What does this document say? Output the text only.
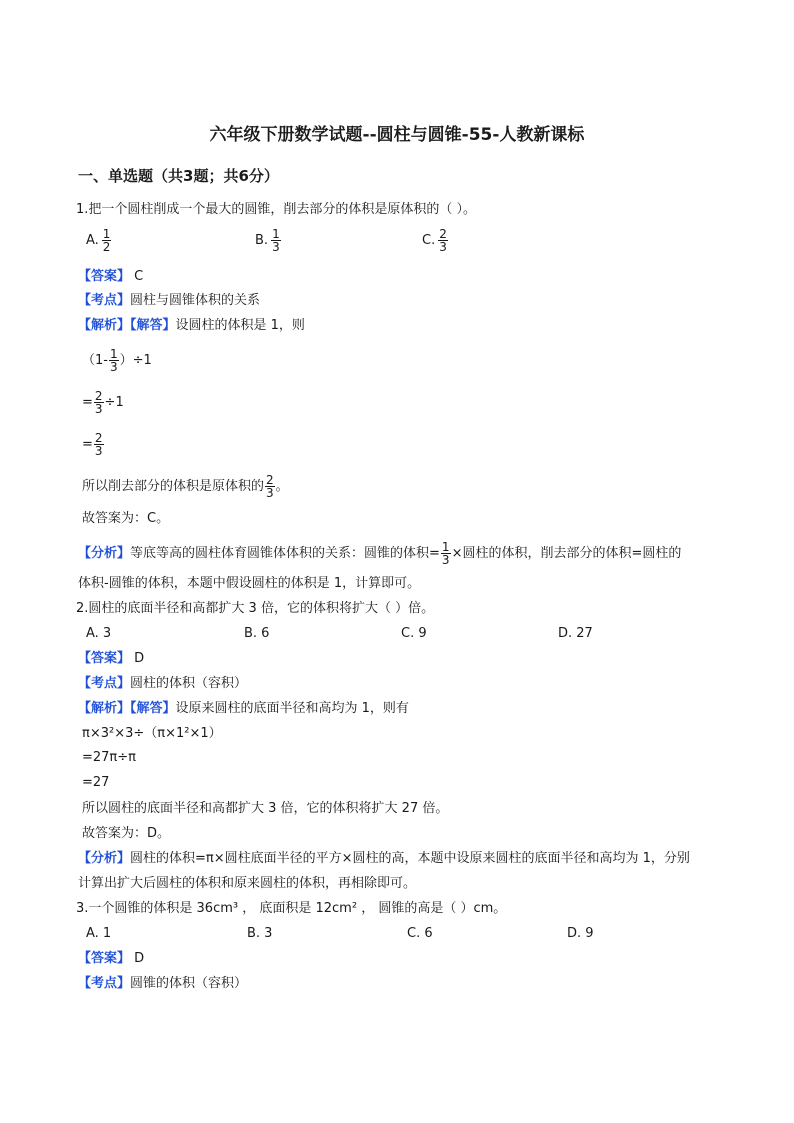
六年级下册数学试题--圆柱与圆锥-55-人教新课标
一、单选题（共3题；共6分）
1.把一个圆柱削成一个最大的圆锥，削去部分的体积是原体积的（ ）。
A. $\frac{1}{2}$	B. $\frac{1}{3}$	C. $\frac{2}{3}$
【答案】 C
【考点】圆柱与圆锥体积的关系
【解析】【解答】设圆柱的体积是 1，则
$(1- \frac{1}{3} )\div 1$
= $\frac{2}{3} \div 1$
= $\frac{2}{3}$
所以削去部分的体积是原体积的 $\frac{2}{3}$ 。
故答案为：C。
【分析】等底等高的圆柱体育圆锥体体积的关系：圆锥的体积= $\frac{1}{3}$ ×圆柱的体积，削去部分的体积=圆柱的
体积-圆锥的体积，本题中假设圆柱的体积是 1，计算即可。
2.圆柱的底面半径和高都扩大 3 倍，它的体积将扩大（ ）倍。
A. 3	B. 6	C. 9	D. 27
【答案】 D
【考点】圆柱的体积（容积）
【解析】【解答】设原来圆柱的底面半径和高均为 1，则有
π×3²×3÷（π×1²×1）
=27π÷π
=27
所以圆柱的底面半径和高都扩大 3 倍，它的体积将扩大 27 倍。
故答案为：D。
【分析】圆柱的体积=π×圆柱底面半径的平方×圆柱的高，本题中设原来圆柱的底面半径和高均为 1，分别
计算出扩大后圆柱的体积和原来圆柱的体积，再相除即可。
3.一个圆锥的体积是 36cm³ ， 底面积是 12cm² ， 圆锥的高是（ ）cm。
A. 1	B. 3	C. 6	D. 9
【答案】 D
【考点】圆锥的体积（容积）
